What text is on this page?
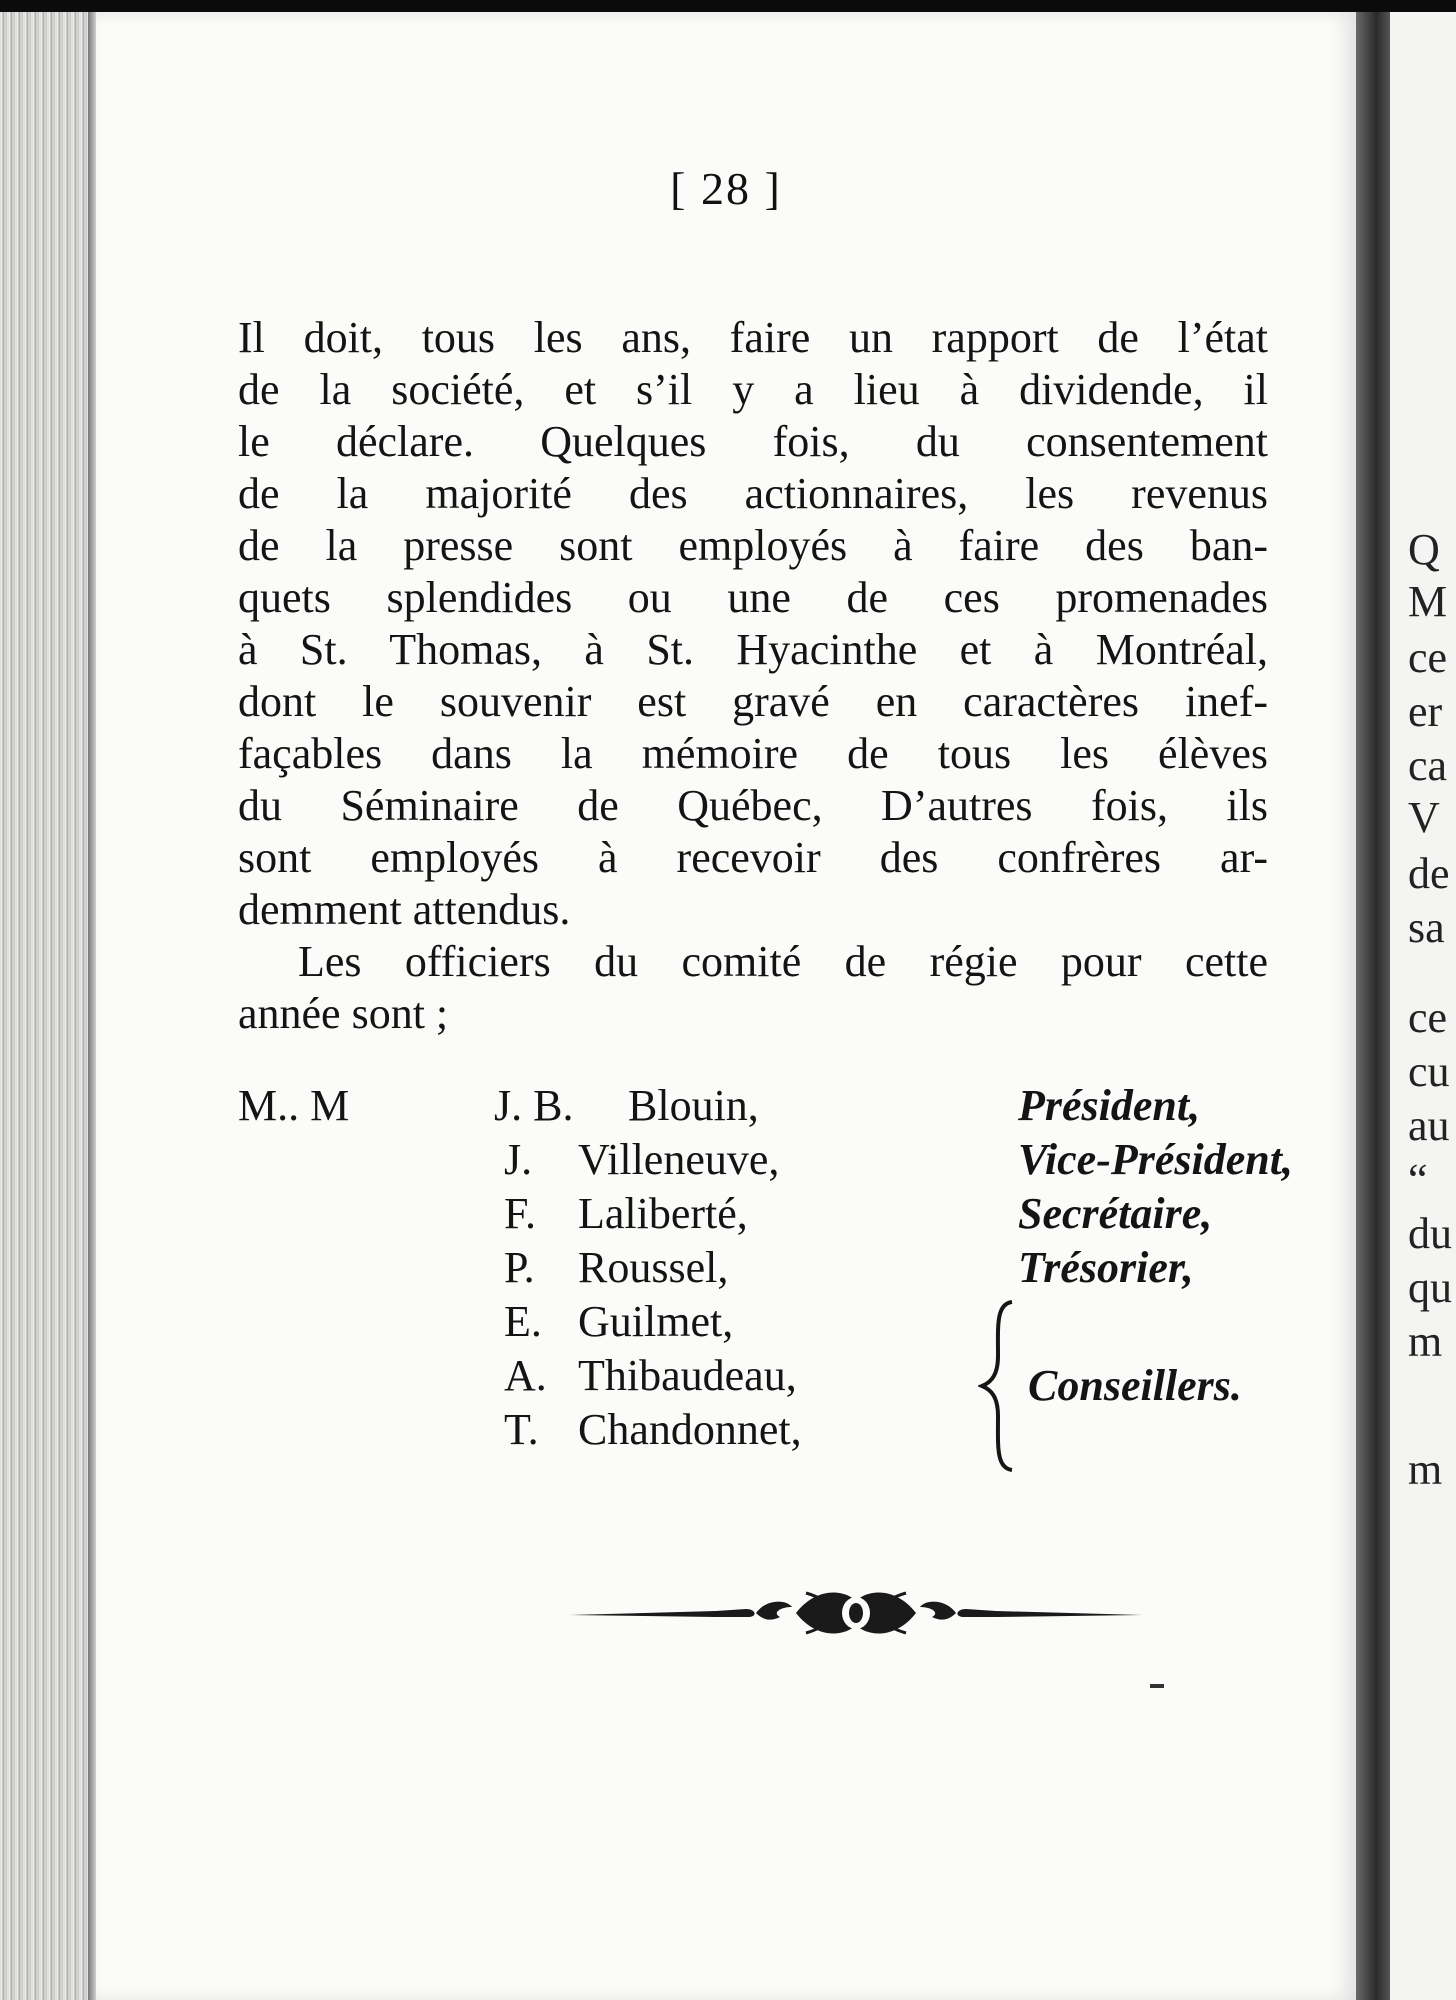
[ 28 ]
Il doit, tous les ans, faire un rapport de l’état
de la société, et s’il y a lieu à dividende, il
le déclare. Quelques fois, du consentement
de la majorité des actionnaires, les revenus
de la presse sont employés à faire des ban-
quets splendides ou une de ces promenades
à St. Thomas, à St. Hyacinthe et à Montréal,
dont le souvenir est gravé en caractères inef-
façables dans la mémoire de tous les élèves
du Séminaire de Québec, D’autres fois, ils
sont employés à recevoir des confrères ar-
demment attendus.
Les officiers du comité de régie pour cette
année sont ;
M.. M	J. B. Blouin,	Président,
J. Villeneuve,	Vice-Président,
F. Laliberté,	Secrétaire,
P. Roussel,	Trésorier,
E. Guilmet,
A. Thibaudeau,
T. Chandonnet,
Conseillers.
Q
M
ce
er
ca
V
de
sa
ce
cu
au
“
du
qu
m
m
